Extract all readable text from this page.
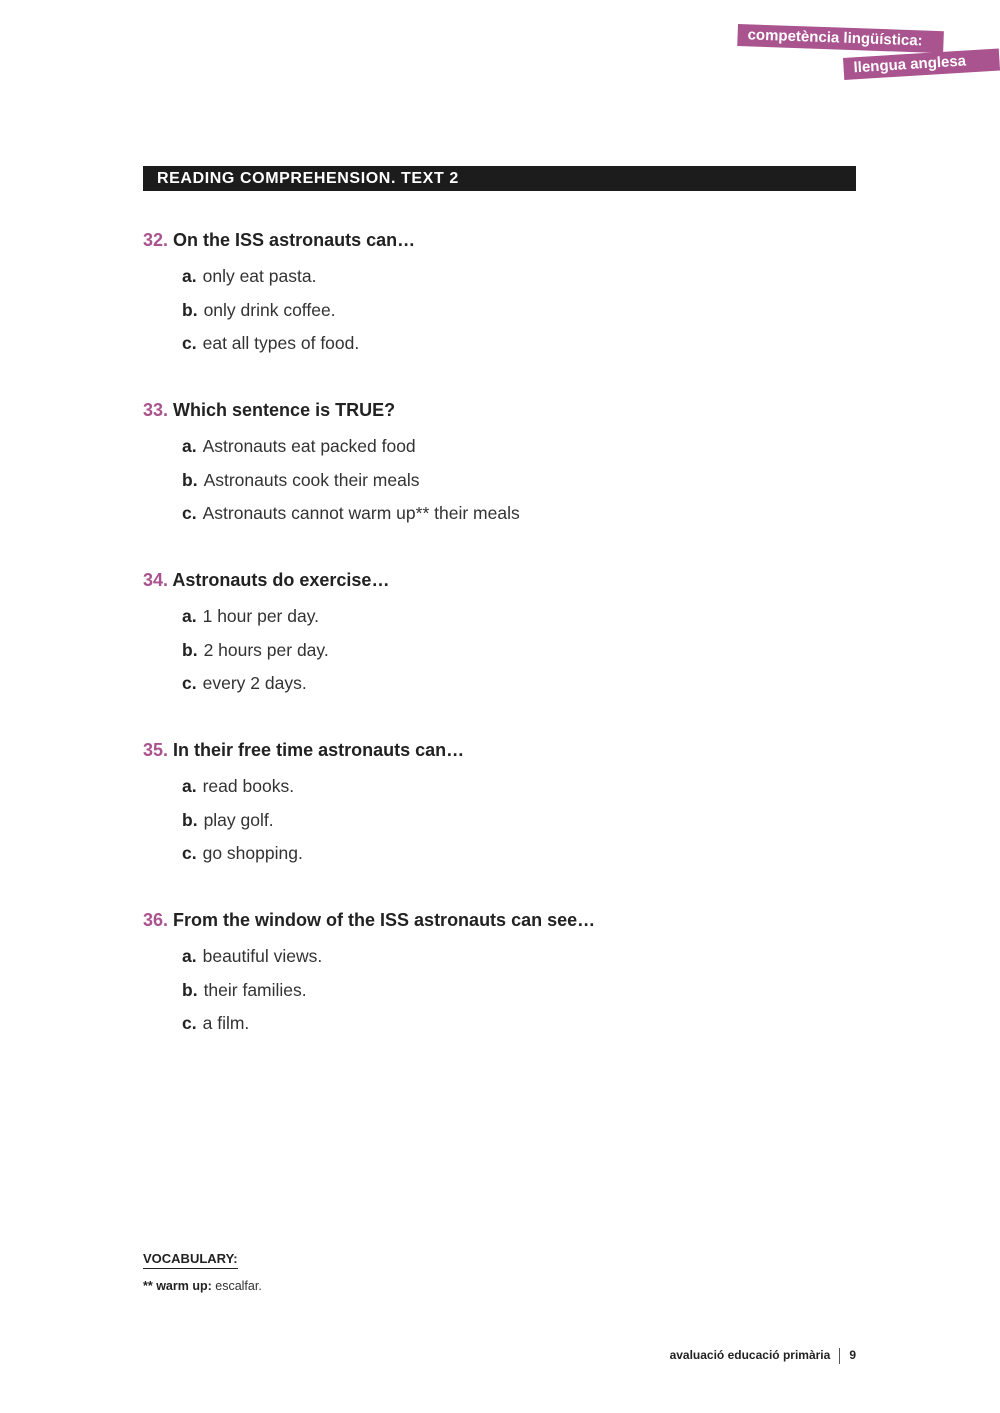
competència lingüística:
llengua anglesa
READING COMPREHENSION. TEXT 2

32. On the ISS astronauts can…

a. only eat pasta.
b. only drink coffee.
c. eat all types of food.

33. Which sentence is TRUE?

a. Astronauts eat packed food
b. Astronauts cook their meals
c. Astronauts cannot warm up** their meals

34. Astronauts do exercise…

a. 1 hour per day.
b. 2 hours per day.
c. every 2 days.

35. In their free time astronauts can…

a. read books.
b. play golf.
c. go shopping.

36. From the window of the ISS astronauts can see…

a. beautiful views.
b. their families.
c. a film.
VOCABULARY:
** warm up: escalfar.
avaluació educació primària 9
